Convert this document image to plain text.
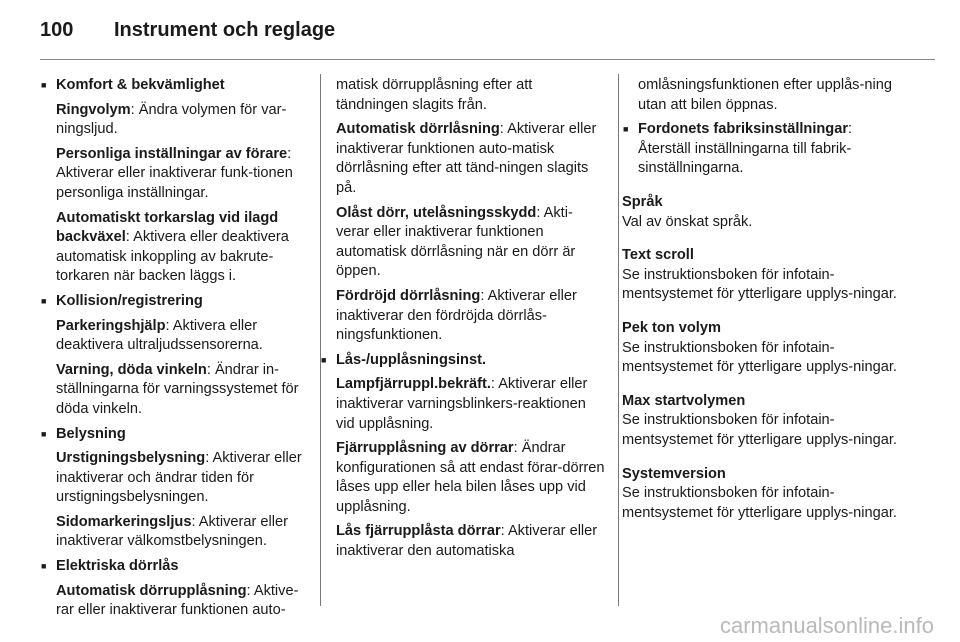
100 Instrument och reglage
■ Komfort & bekvämlighet
Ringvolym: Ändra volymen för var-ningsljud.
Personliga inställningar av förare: Aktiverar eller inaktiverar funk-tionen personliga inställningar.
Automatiskt torkarslag vid ilagd backväxel: Aktivera eller deaktivera automatisk inkoppling av bakrute-torkaren när backen läggs i.
■ Kollision/registrering
Parkeringshjälp: Aktivera eller deaktivera ultraljudssensorerna.
Varning, döda vinkeln: Ändrar in-ställningarna för varningssystemet för döda vinkeln.
■ Belysning
Urstigningsbelysning: Aktiverar eller inaktiverar och ändrar tiden för urstigningsbelysningen.
Sidomarkeringsljus: Aktiverar eller inaktiverar välkomstbelysningen.
■ Elektriska dörrlås
Automatisk dörrupplåsning: Aktive-rar eller inaktiverar funktionen auto-
matisk dörrupplåsning efter att tändningen slagits från.
Automatisk dörrlåsning: Aktiverar eller inaktiverar funktionen auto-matisk dörrlåsning efter att tänd-ningen slagits på.
Olåst dörr, utelåsningsskydd: Akti-verar eller inaktiverar funktionen automatisk dörrlåsning när en dörr är öppen.
Fördröjd dörrlåsning: Aktiverar eller inaktiverar den fördröjda dörrlås-ningsfunktionen.
■ Lås-/upplåsningsinst.
Lampfjärruppl.bekräft.: Aktiverar eller inaktiverar varningsblinkers-reaktionen vid upplåsning.
Fjärrupplåsning av dörrar: Ändrar konfigurationen så att endast förar-dörren låses upp eller hela bilen låses upp vid upplåsning.
Lås fjärrupplåsta dörrar: Aktiverar eller inaktiverar den automatiska
omlåsningsfunktionen efter upplås-ning utan att bilen öppnas.
■ Fordonets fabriksinställningar:
Återställ inställningarna till fabrik-sinställningarna.
Språk
Val av önskat språk.
Text scroll
Se instruktionsboken för infotain-mentsystemet för ytterligare upplys-ningar.
Pek ton volym
Se instruktionsboken för infotain-mentsystemet för ytterligare upplys-ningar.
Max startvolymen
Se instruktionsboken för infotain-mentsystemet för ytterligare upplys-ningar.
Systemversion
Se instruktionsboken för infotain-mentsystemet för ytterligare upplys-ningar.
carmanualsonline.info
